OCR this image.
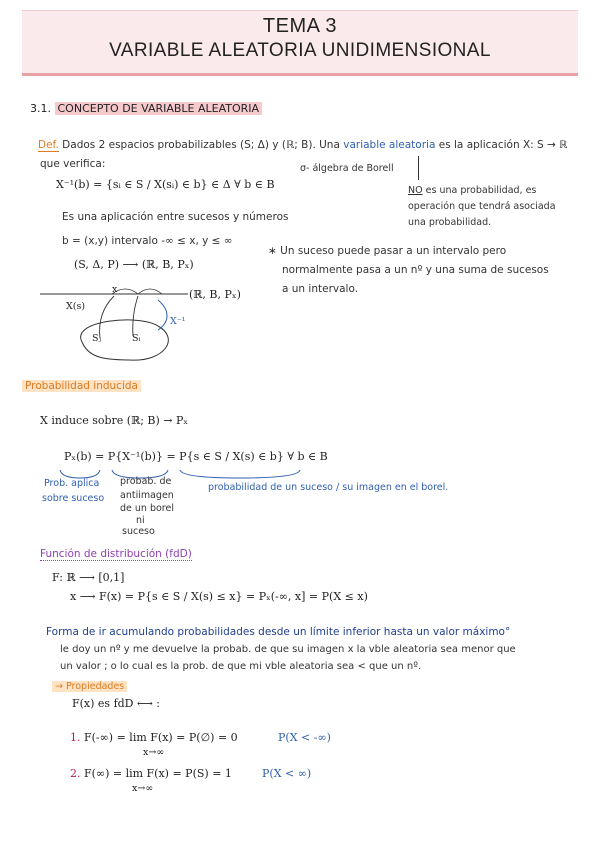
TEMA 3
VARIABLE ALEATORIA UNIDIMENSIONAL
3.1. CONCEPTO DE VARIABLE ALEATORIA
Def. Dados 2 espacios probabilizables (S; Δ) y (ℝ; B). Una variable aleatoria es la aplicación X: S → ℝ
que verifica:
X⁻¹(b) = {sᵢ ∈ S / X(sᵢ) ∈ b} ∈ Δ ∀ b ∈ B
σ- álgebra de Borell
NO es una probabilidad, es
operación que tendrá asociada
una probabilidad.
Es una aplicación entre sucesos y números
b = (x,y) intervalo -∞ ≤ x, y ≤ ∞
(S, Δ, P) ⟶ (ℝ, B, Pₓ)
∗ Un suceso puede pasar a un intervalo pero
normalmente pasa a un nº y una suma de sucesos
a un intervalo.
(ℝ, B, Pₓ)
x
X(s)
X⁻¹
Sⱼ	Sᵢ
Probabilidad inducida
X induce sobre (ℝ; B) → Pₓ
Pₓ(b) = P{X⁻¹(b)} = P{s ∈ S / X(s) ∈ b} ∀ b ∈ B
Prob. aplica
sobre suceso
probab. de
antiimagen
de un borel
ni
suceso
probabilidad de un suceso / su imagen en el borel.
Función de distribución (fdD)
F: ℝ ⟶ [0,1]
x ⟶ F(x) = P{s ∈ S / X(s) ≤ x} = Pₓ(-∞, x] = P(X ≤ x)
Forma de ir acumulando probabilidades desde un límite inferior hasta un valor máximo°
le doy un nº y me devuelve la probab. de que su imagen x la vble aleatoria sea menor que
un valor ; o lo cual es la prob. de que mi vble aleatoria sea < que un nº.
→ Propiedades
F(x) es fdD ⟷ :
1. F(-∞) = lim F(x) = P(∅) = 0
x→∞
P(X < -∞)
2. F(∞) = lim F(x) = P(S) = 1
x→∞
P(X < ∞)
